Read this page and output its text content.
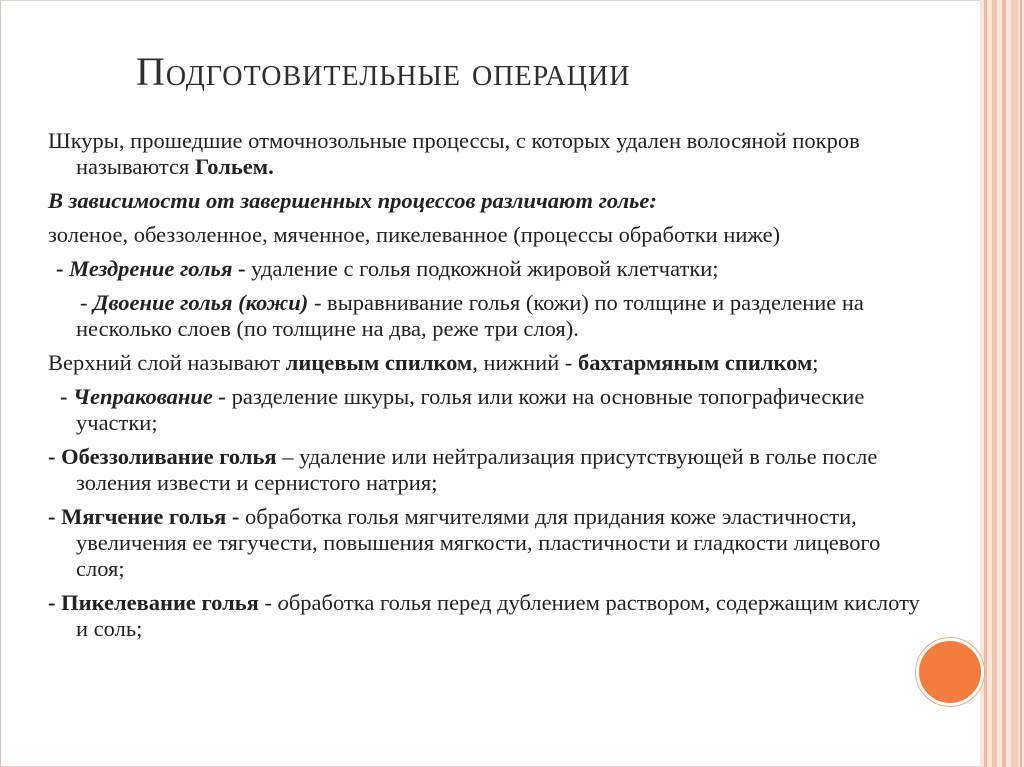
Подготовительные операции

Шкуры, прошедшие отмочнозольные процессы, с которых удален волосяной покров называются Гольем.

В зависимости от завершенных процессов различают голье:

золеное, обеззоленное, мяченное, пикелеванное (процессы обработки ниже)

- Мездрение голья - удаление с голья подкожной жировой клетчатки;

- Двоение голья (кожи) - выравнивание голья (кожи) по толщине и разделение на несколько слоев (по толщине на два, реже три слоя).

Верхний слой называют лицевым спилком, нижний - бахтармяным спилком;

- Чепракование - разделение шкуры, голья или кожи на основные топографические участки;

- Обеззоливание голья – удаление или нейтрализация присутствующей в голье после золения извести и сернистого натрия;

- Мягчение голья - обработка голья мягчителями для придания коже эластичности, увеличения ее тягучести, повышения мягкости, пластичности и гладкости лицевого слоя;

- Пикелевание голья - обработка голья перед дублением раствором, содержащим кислоту и соль;
